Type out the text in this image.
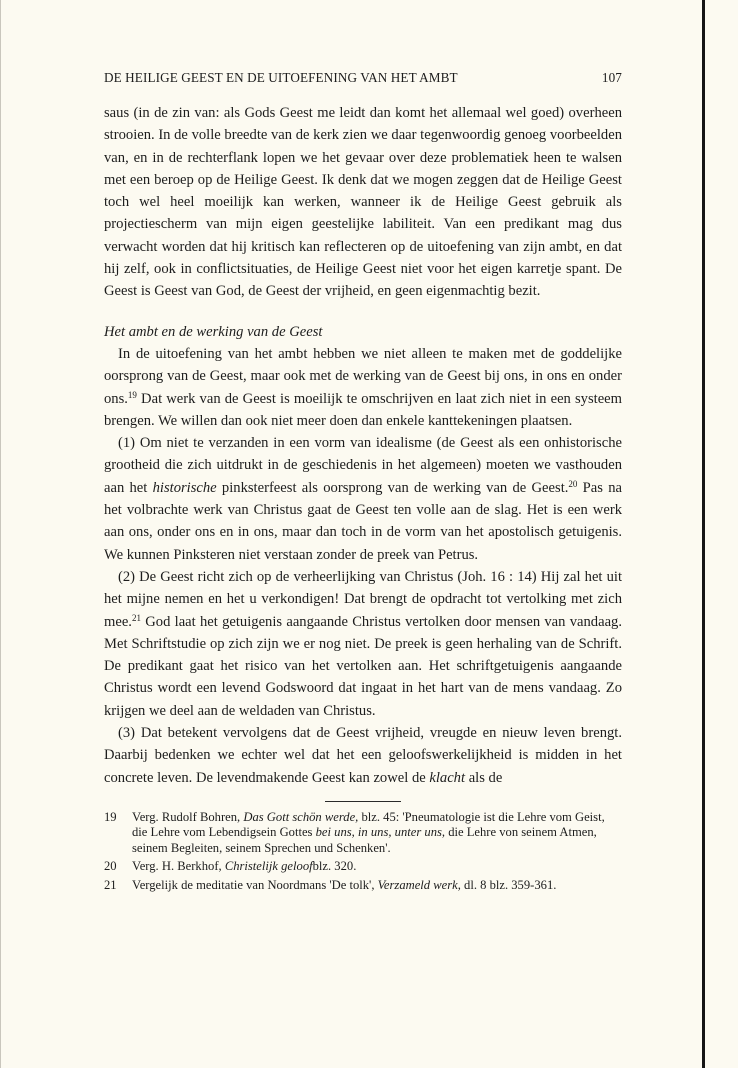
DE HEILIGE GEEST EN DE UITOEFENING VAN HET AMBT	107

saus (in de zin van: als Gods Geest me leidt dan komt het allemaal wel goed) overheen strooien. In de volle breedte van de kerk zien we daar tegenwoordig genoeg voorbeelden van, en in de rechterflank lopen we het gevaar over deze problematiek heen te walsen met een beroep op de Heilige Geest. Ik denk dat we mogen zeggen dat de Heilige Geest toch wel heel moeilijk kan werken, wanneer ik de Heilige Geest gebruik als projectiescherm van mijn eigen geestelijke labiliteit. Van een predikant mag dus verwacht worden dat hij kritisch kan reflecteren op de uitoefening van zijn ambt, en dat hij zelf, ook in conflictsituaties, de Heilige Geest niet voor het eigen karretje spant. De Geest is Geest van God, de Geest der vrijheid, en geen eigenmachtig bezit.

Het ambt en de werking van de Geest

In de uitoefening van het ambt hebben we niet alleen te maken met de goddelijke oorsprong van de Geest, maar ook met de werking van de Geest bij ons, in ons en onder ons.$^{19}$ Dat werk van de Geest is moeilijk te omschrijven en laat zich niet in een systeem brengen. We willen dan ook niet meer doen dan enkele kanttekeningen plaatsen.

(1) Om niet te verzanden in een vorm van idealisme (de Geest als een onhistorische grootheid die zich uitdrukt in de geschiedenis in het algemeen) moeten we vasthouden aan het historische pinksterfeest als oorsprong van de werking van de Geest.$^{20}$ Pas na het volbrachte werk van Christus gaat de Geest ten volle aan de slag. Het is een werk aan ons, onder ons en in ons, maar dan toch in de vorm van het apostolisch getuigenis. We kunnen Pinksteren niet verstaan zonder de preek van Petrus.

(2) De Geest richt zich op de verheerlijking van Christus (Joh. 16 : 14) Hij zal het uit het mijne nemen en het u verkondigen! Dat brengt de opdracht tot vertolking met zich mee.$^{21}$ God laat het getuigenis aangaande Christus vertolken door mensen van vandaag. Met Schriftstudie op zich zijn we er nog niet. De preek is geen herhaling van de Schrift. De predikant gaat het risico van het vertolken aan. Het schriftgetuigenis aangaande Christus wordt een levend Godswoord dat ingaat in het hart van de mens vandaag. Zo krijgen we deel aan de weldaden van Christus.

(3) Dat betekent vervolgens dat de Geest vrijheid, vreugde en nieuw leven brengt. Daarbij bedenken we echter wel dat het een geloofswerkelijkheid is midden in het concrete leven. De levendmakende Geest kan zowel de klacht als de

19	Verg. Rudolf Bohren, Das Gott schön werde, blz. 45: 'Pneumatologie ist die Lehre vom Geist, die Lehre vom Lebendigsein Gottes bei uns, in uns, unter uns, die Lehre von seinem Atmen, seinem Begleiten, seinem Sprechen und Schenken'.
20	Verg. H. Berkhof, Christelijk geloofblz. 320.
21	Vergelijk de meditatie van Noordmans 'De tolk', Verzameld werk, dl. 8 blz. 359-361.
